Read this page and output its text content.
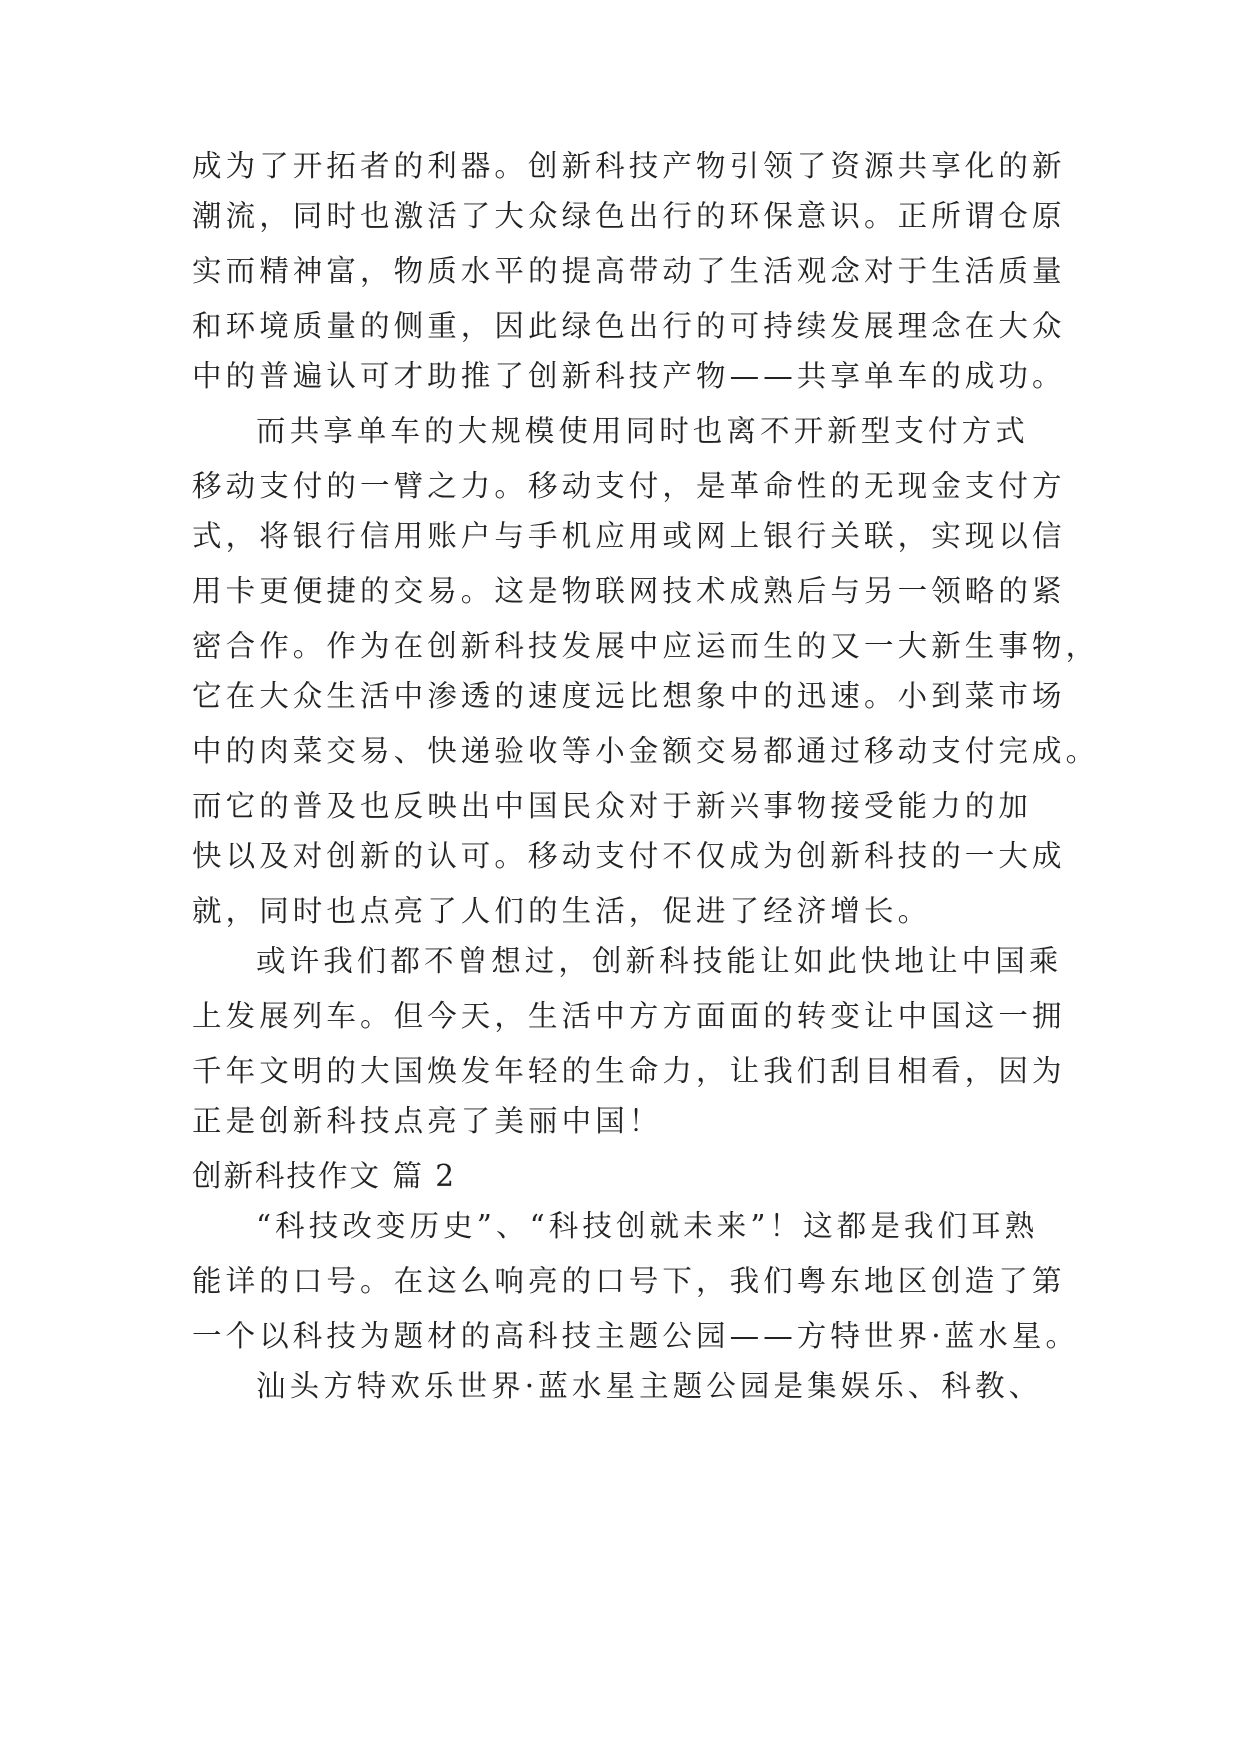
成为了开拓者的利器。创新科技产物引领了资源共享化的新
潮流，同时也激活了大众绿色出行的环保意识。正所谓仓原
实而精神富，物质水平的提高带动了生活观念对于生活质量
和环境质量的侧重，因此绿色出行的可持续发展理念在大众
中的普遍认可才助推了创新科技产物——共享单车的成功。
而共享单车的大规模使用同时也离不开新型支付方式
移动支付的一臂之力。移动支付，是革命性的无现金支付方
式，将银行信用账户与手机应用或网上银行关联，实现以信
用卡更便捷的交易。这是物联网技术成熟后与另一领略的紧
密合作。作为在创新科技发展中应运而生的又一大新生事物，
它在大众生活中渗透的速度远比想象中的迅速。小到菜市场
中的肉菜交易、快递验收等小金额交易都通过移动支付完成。
而它的普及也反映出中国民众对于新兴事物接受能力的加
快以及对创新的认可。移动支付不仅成为创新科技的一大成
就，同时也点亮了人们的生活，促进了经济增长。
或许我们都不曾想过，创新科技能让如此快地让中国乘
上发展列车。但今天，生活中方方面面的转变让中国这一拥
千年文明的大国焕发年轻的生命力，让我们刮目相看，因为
正是创新科技点亮了美丽中国！
创新科技作文 篇 2
“科技改变历史”、“科技创就未来”！这都是我们耳熟
能详的口号。在这么响亮的口号下，我们粤东地区创造了第
一个以科技为题材的高科技主题公园——方特世界·蓝水星。
汕头方特欢乐世界·蓝水星主题公园是集娱乐、科教、
